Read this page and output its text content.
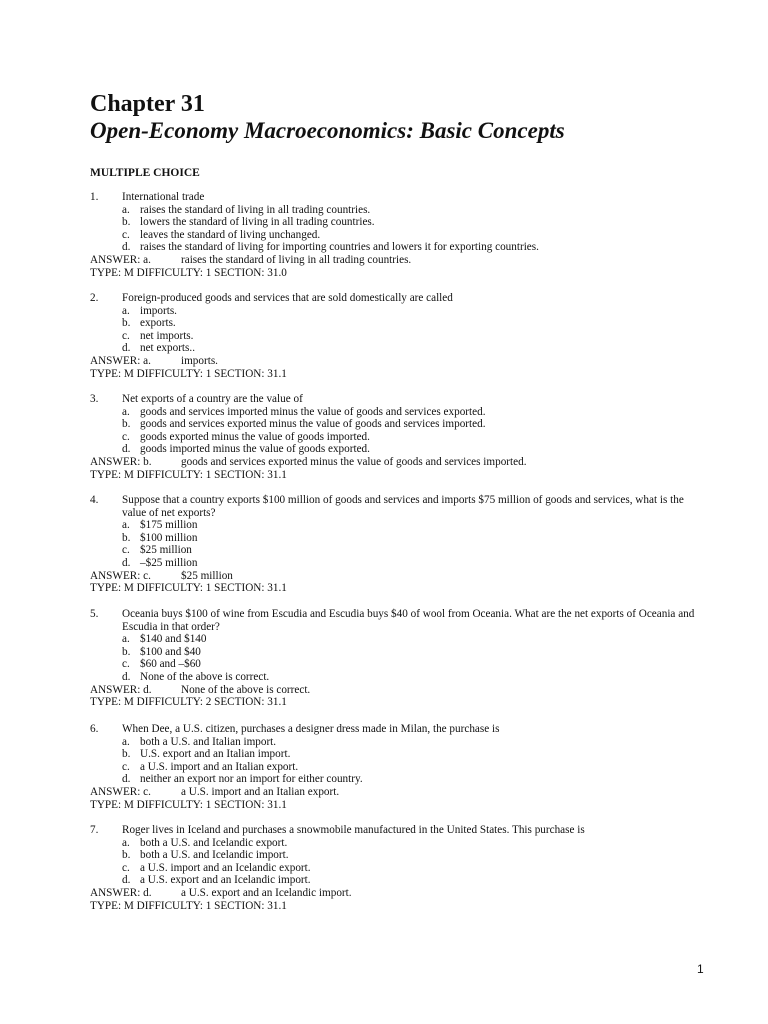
Chapter 31
Open-Economy Macroeconomics: Basic Concepts
MULTIPLE CHOICE
1.	International trade
a. raises the standard of living in all trading countries.
b. lowers the standard of living in all trading countries.
c. leaves the standard of living unchanged.
d. raises the standard of living for importing countries and lowers it for exporting countries.
ANSWER: a.	raises the standard of living in all trading countries.
TYPE: M DIFFICULTY: 1 SECTION: 31.0
2.	Foreign-produced goods and services that are sold domestically are called
a. imports.
b. exports.
c. net imports.
d. net exports..
ANSWER: a.	imports.
TYPE: M DIFFICULTY: 1 SECTION: 31.1
3.	Net exports of a country are the value of
a. goods and services imported minus the value of goods and services exported.
b. goods and services exported minus the value of goods and services imported.
c. goods exported minus the value of goods imported.
d. goods imported minus the value of goods exported.
ANSWER: b.	goods and services exported minus the value of goods and services imported.
TYPE: M DIFFICULTY: 1 SECTION: 31.1
4.	Suppose that a country exports $100 million of goods and services and imports $75 million of goods and services, what is the value of net exports?
a. $175 million
b. $100 million
c. $25 million
d. –$25 million
ANSWER: c.	$25 million
TYPE: M DIFFICULTY: 1 SECTION: 31.1
5.	Oceania buys $100 of wine from Escudia and Escudia buys $40 of wool from Oceania. What are the net exports of Oceania and Escudia in that order?
a. $140 and $140
b. $100 and $40
c. $60 and –$60
d. None of the above is correct.
ANSWER: d.	None of the above is correct.
TYPE: M DIFFICULTY: 2 SECTION: 31.1
6.	When Dee, a U.S. citizen, purchases a designer dress made in Milan, the purchase is
a. both a U.S. and Italian import.
b. U.S. export and an Italian import.
c. a U.S. import and an Italian export.
d. neither an export nor an import for either country.
ANSWER: c.	a U.S. import and an Italian export.
TYPE: M DIFFICULTY: 1 SECTION: 31.1
7.	Roger lives in Iceland and purchases a snowmobile manufactured in the United States. This purchase is
a. both a U.S. and Icelandic export.
b. both a U.S. and Icelandic import.
c. a U.S. import and an Icelandic export.
d. a U.S. export and an Icelandic import.
ANSWER: d.	a U.S. export and an Icelandic import.
TYPE: M DIFFICULTY: 1 SECTION: 31.1
1
